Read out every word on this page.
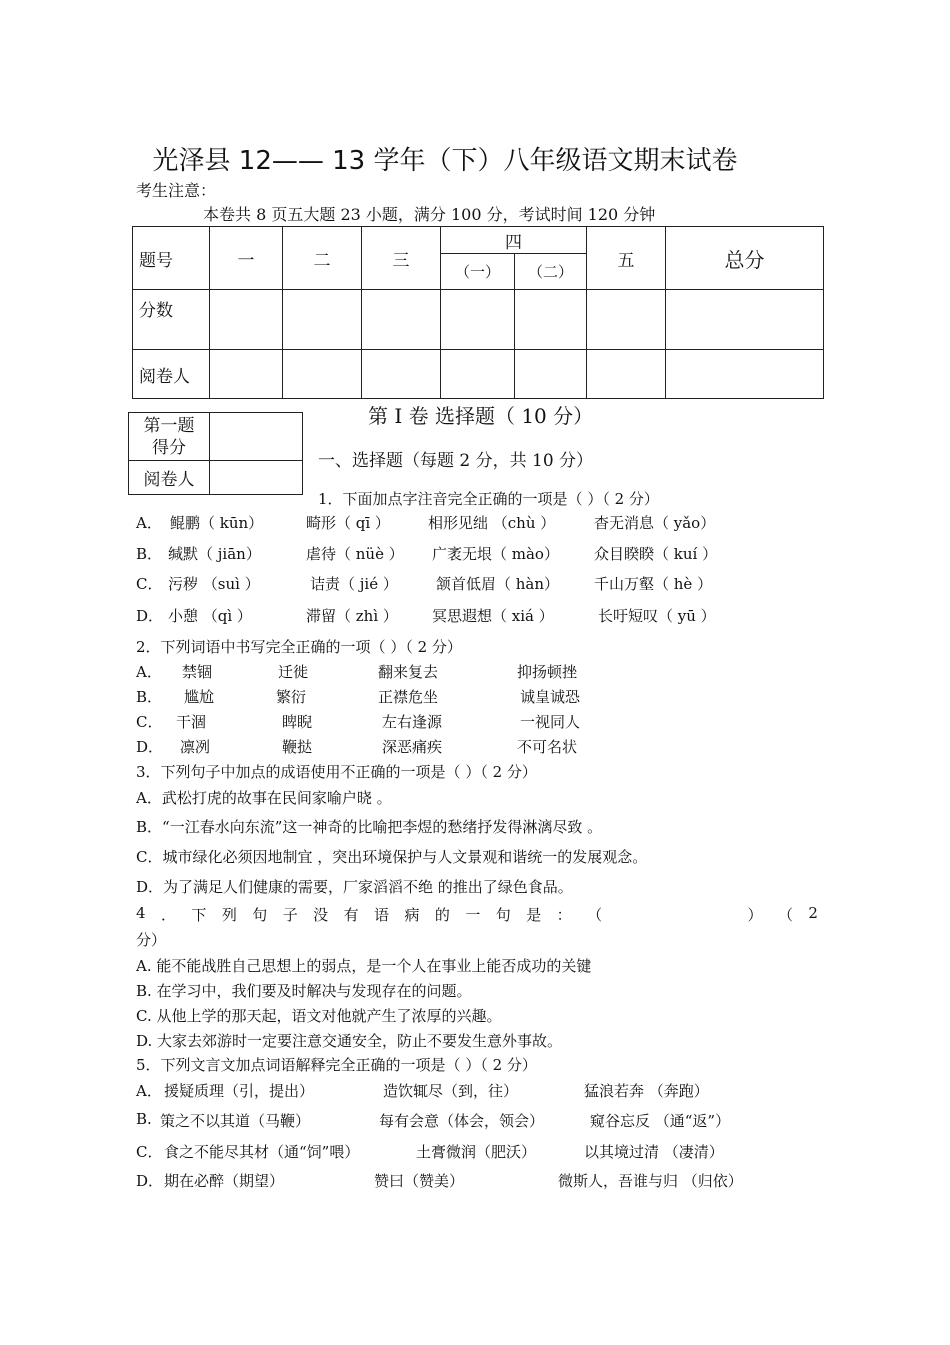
光泽县 12—— 13 学年（下）八年级语文期末试卷
考生注意：
本卷共 8 页五大题 23 小题，满分 100 分，考试时间 120 分钟
题号	一	二	三	四		五	总分
				（一）	（二）		
分数							
阅卷人							
第一题
得分	

阅卷人	
第 I 卷 选择题（ 10 分）
一、选择题（每题 2 分，共 10 分）
1．下面加点字注音完全正确的一项是（ ）（ 2 分）
A． 鲲鹏（ kūn）	畸形（ qī ）	相形见绌 （chù ）	杳无消息（ yǎo）
B． 缄默（ jiān）	虐待（ nüè ） 广袤无垠（ mào） 众目睽睽（ kuí ）
C． 污秽 （suì ）	诘责（ jié ）	颔首低眉（ hàn） 千山万壑（ hè ）
D． 小憩 （qì ）	滞留（ zhì ） 冥思遐想（ xiá ）	长吁短叹（ yū ）
2．下列词语中书写完全正确的一项（ ）（ 2 分）
A． 禁锢	迁徙	翻来复去	抑扬顿挫
B． 尴尬	繁衍	正襟危坐	诚皇诚恐
C． 干涸	睥睨	左右逢源	一视同人
D． 凛冽	鞭挞	深恶痛疾	不可名状
3．下列句子中加点的成语使用不正确的一项是（ ）（ 2 分）
A．武松打虎的故事在民间家喻户晓 。
B．“一江春水向东流”这一神奇的比喻把李煜的愁绪抒发得淋漓尽致 。
C．城市绿化必须因地制宜 ，突出环境保护与人文景观和谐统一的发展观念。
D．为了满足人们健康的需要，厂家滔滔不绝 的推出了绿色食品。
4 ． 下 列 句 子 没 有 语 病 的 一 句 是 ： （	） （ 2
分）
A. 能不能战胜自己思想上的弱点，是一个人在事业上能否成功的关键
B. 在学习中，我们要及时解决与发现存在的问题。
C. 从他上学的那天起，语文对他就产生了浓厚的兴趣。
D. 大家去郊游时一定要注意交通安全，防止不要发生意外事故。
5．下列文言文加点词语解释完全正确的一项是（ ）（ 2 分）
A． 援疑质理（引，提出）	造饮辄尽（到，往）	猛浪若奔 （奔跑）
B. 策之不以其道（马鞭）	每有会意（体会，领会）	窥谷忘反 （通“返”）
C． 食之不能尽其材（通“饲”喂）	土膏微润（肥沃）	以其境过清 （凄清）
D． 期在必醉（期望）	赞曰（赞美）	微斯人，吾谁与归 （归依）
